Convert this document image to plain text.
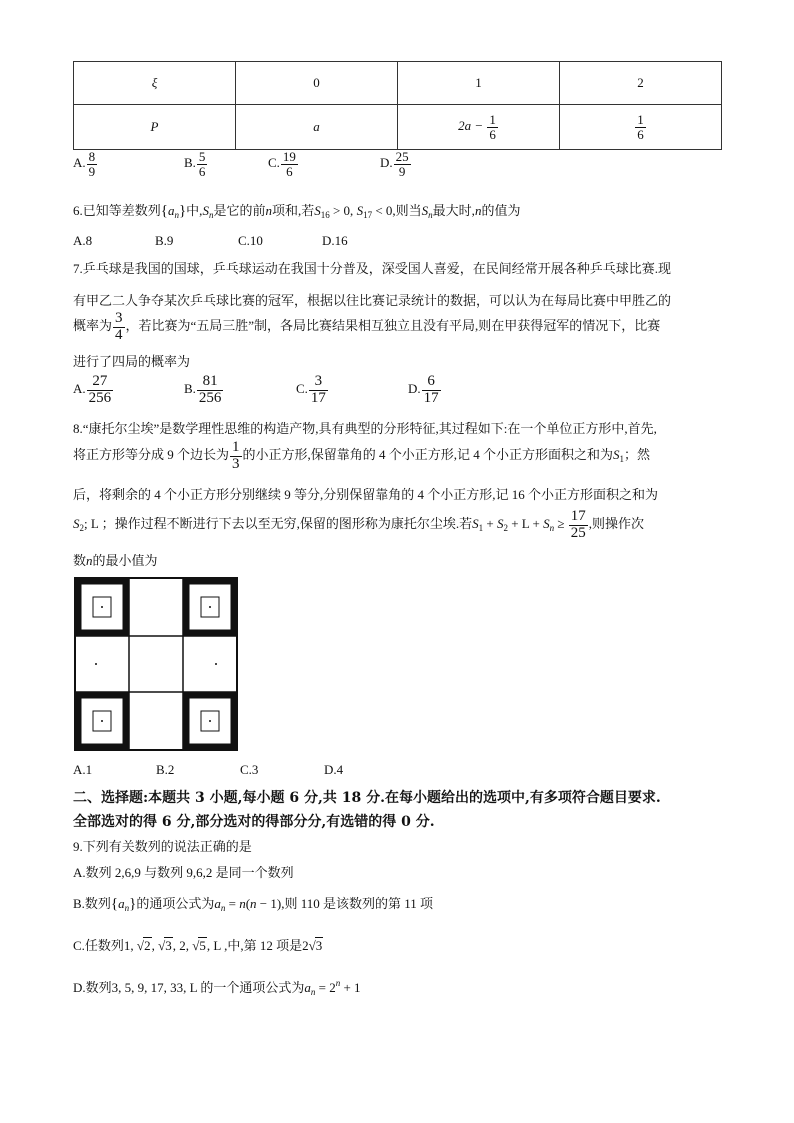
ξ	0	1	2
P	a	$2a - \frac{1}{6}$	$\frac{1}{6}$
A. $\frac{8}{9}$	B. $\frac{5}{6}$	C. $\frac{19}{6}$	D. $\frac{25}{9}$
6.已知等差数列$\{a_n\}$中$,S_n$是它的前n项和,若$S_{16} > 0$, $S_{17} < 0$,则当$S_n$最大时,n的值为
A.8	B.9	C.10	D.16
7.乒乓球是我国的国球，乒乓球运动在我国十分普及，深受国人喜爱，在民间经常开展各种乒乓球比赛.现
有甲乙二人争夺某次乒乓球比赛的冠军，根据以往比赛记录统计的数据，可以认为在每局比赛中甲胜乙的
概率为 $\frac{3}{4}$ ，若比赛为“五局三胜”制，各局比赛结果相互独立且没有平局,则在甲获得冠军的情况下，比赛
进行了四局的概率为
A. $\frac{27}{256}$	B. $\frac{81}{256}$	C. $\frac{3}{17}$	D. $\frac{6}{17}$
8.“康托尔尘埃”是数学理性思维的构造产物,具有典型的分形特征,其过程如下:在一个单位正方形中,首先,
将正方形等分成 9 个边长为 $\frac{1}{3}$ 的小正方形,保留靠角的 4 个小正方形,记 4 个小正方形面积之和为$S_1$；然
后，将剩余的 4 个小正方形分别继续 9 等分,分别保留靠角的 4 个小正方形,记 16 个小正方形面积之和为
$S_2$; L ；操作过程不断进行下去以至无穷,保留的图形称为康托尔尘埃.若$S_1 + S_2 + L + S_n \ge \frac{17}{25}$ ,则操作次
数n的最小值为
A.1	B.2	C.3	D.4
二、选择题:本题共 3 小题,每小题 6 分,共 18 分.在每小题给出的选项中,有多项符合题目要求.
全部选对的得 6 分,部分选对的得部分分,有选错的得 0 分.
9.下列有关数列的说法正确的是
A.数列 2,6,9 与数列 9,6,2 是同一个数列
B.数列$\{a_n\}$的通项公式为$a_n = n(n - 1)$,则 110 是该数列的第 11 项
C.任数列1, √2, √3, 2, √5, L ,中,第 12 项是2√3
D.数列3, 5, 9, 17, 33, L 的一个通项公式为$a_n = 2^n + 1$
